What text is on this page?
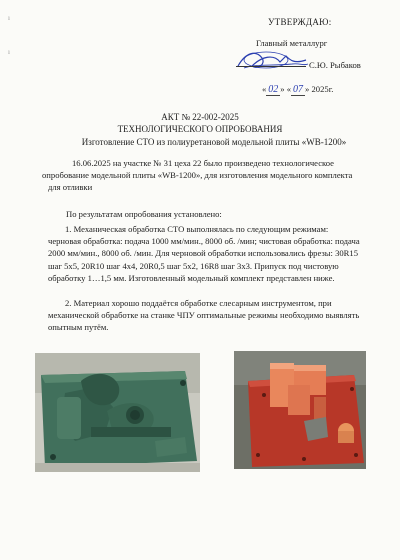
ı
ı
УТВЕРЖДАЮ:
Главный металлург
С.Ю. Рыбаков
« 02 » « 07 » 2025г.
АКТ № 22-002-2025
ТЕХНОЛОГИЧЕСКОГО ОПРОБОВАНИЯ
Изготовление СТО из полиуретановой модельной плиты «WB-1200»
16.06.2025 на участке № 31 цеха 22 было произведено технологическое
опробование модельной плиты «WB-1200», для изготовления модельного комплекта
для отливки
По результатам опробования установлено:
1. Механическая обработка СТО выполнялась по следующим режимам:
черновая обработка: подача 1000 мм/мин., 8000 об. /мин; чистовая обработка: подача
2000 мм/мин., 8000 об. /мин. Для черновой обработки использовались фрезы: 30R15
шаг 5х5, 20R10 шаг 4х4, 20R0,5 шаг 5х2, 16R8 шаг 3х3. Припуск под чистовую
обработку 1…1,5 мм. Изготовленный модельный комплект представлен ниже.
2. Материал хорошо поддаётся обработке слесарным инструментом, при
механической обработке на станке ЧПУ оптимальные режимы необходимо выявлять
опытным путём.
